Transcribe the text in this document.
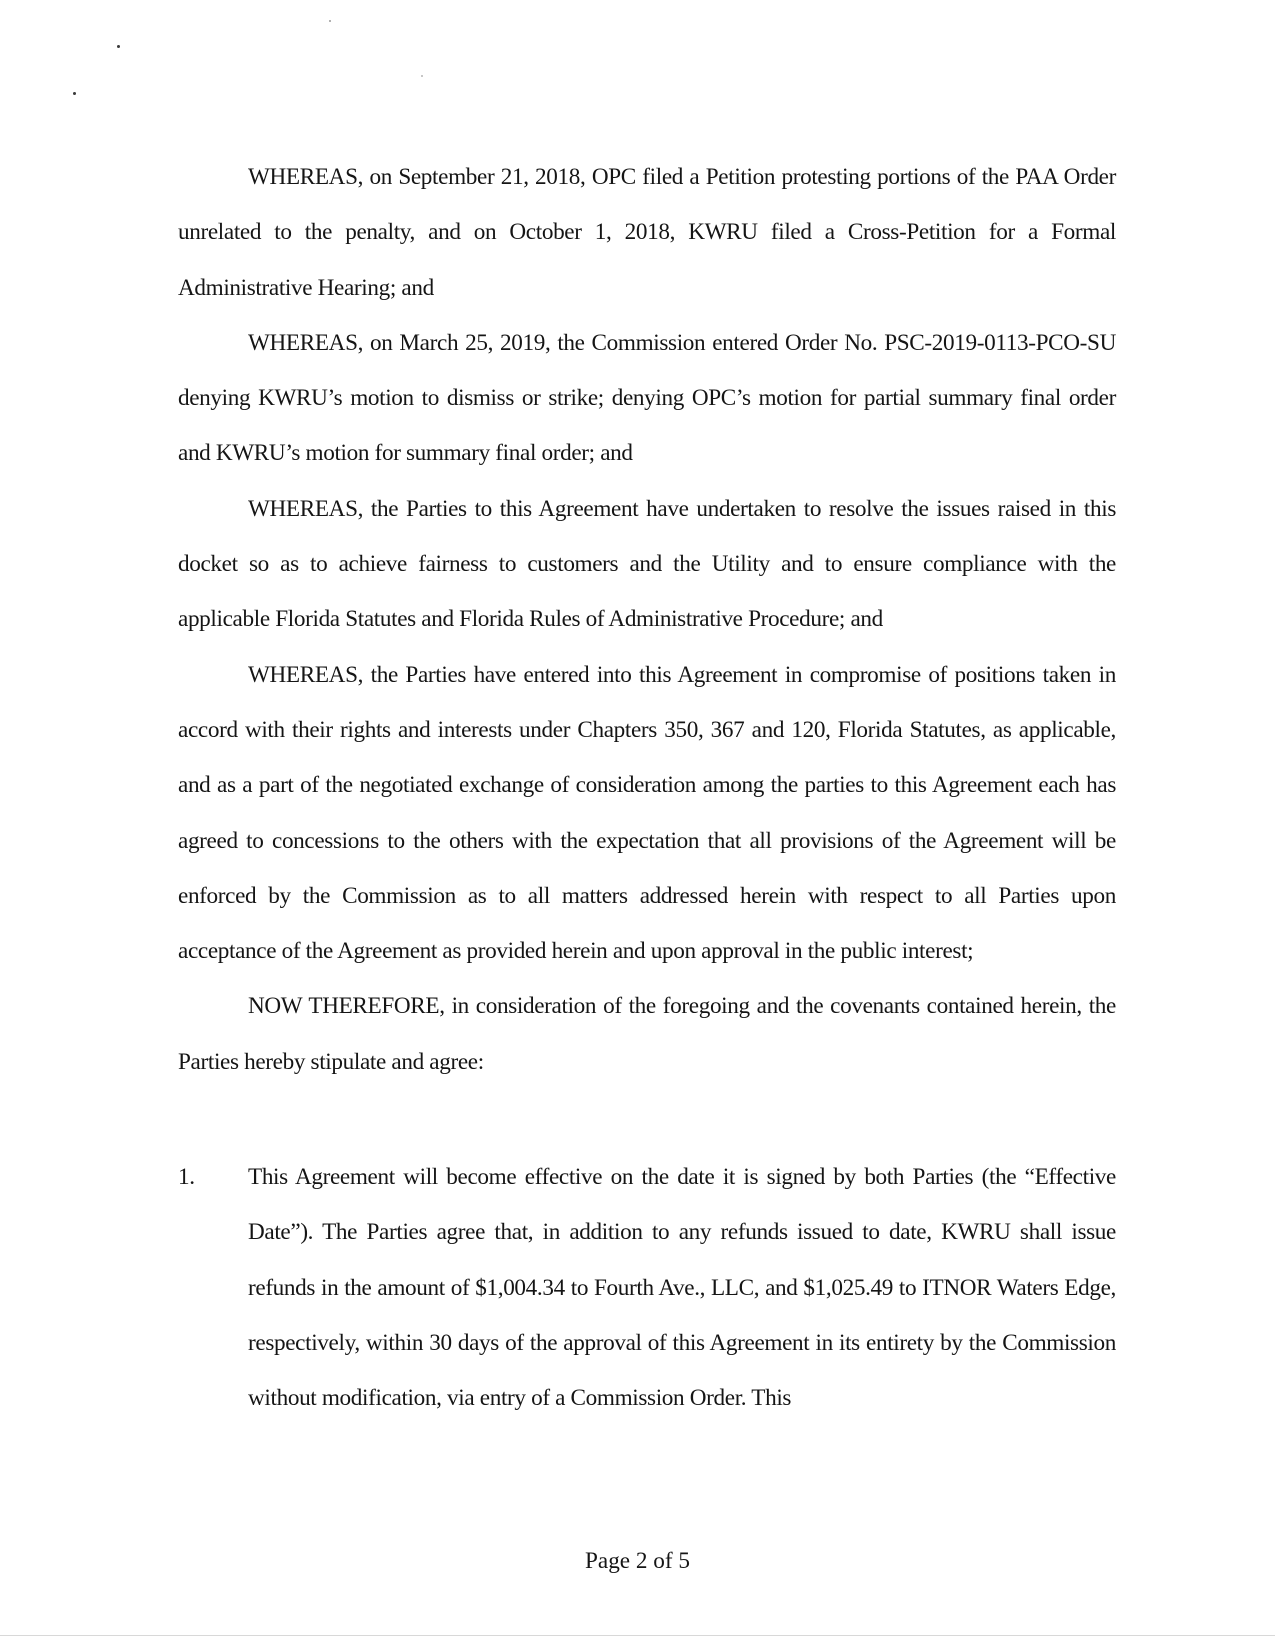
WHEREAS, on September 21, 2018, OPC filed a Petition protesting portions of the PAA Order unrelated to the penalty, and on October 1, 2018, KWRU filed a Cross-Petition for a Formal Administrative Hearing; and

WHEREAS, on March 25, 2019, the Commission entered Order No. PSC-2019-0113-PCO-SU denying KWRU’s motion to dismiss or strike; denying OPC’s motion for partial summary final order and KWRU’s motion for summary final order; and

WHEREAS, the Parties to this Agreement have undertaken to resolve the issues raised in this docket so as to achieve fairness to customers and the Utility and to ensure compliance with the applicable Florida Statutes and Florida Rules of Administrative Procedure; and

WHEREAS, the Parties have entered into this Agreement in compromise of positions taken in accord with their rights and interests under Chapters 350, 367 and 120, Florida Statutes, as applicable, and as a part of the negotiated exchange of consideration among the parties to this Agreement each has agreed to concessions to the others with the expectation that all provisions of the Agreement will be enforced by the Commission as to all matters addressed herein with respect to all Parties upon acceptance of the Agreement as provided herein and upon approval in the public interest;

NOW THEREFORE, in consideration of the foregoing and the covenants contained herein, the Parties hereby stipulate and agree:

1. This Agreement will become effective on the date it is signed by both Parties (the “Effective Date”). The Parties agree that, in addition to any refunds issued to date, KWRU shall issue refunds in the amount of $1,004.34 to Fourth Ave., LLC, and $1,025.49 to ITNOR Waters Edge, respectively, within 30 days of the approval of this Agreement in its entirety by the Commission without modification, via entry of a Commission Order. This
Page 2 of 5
